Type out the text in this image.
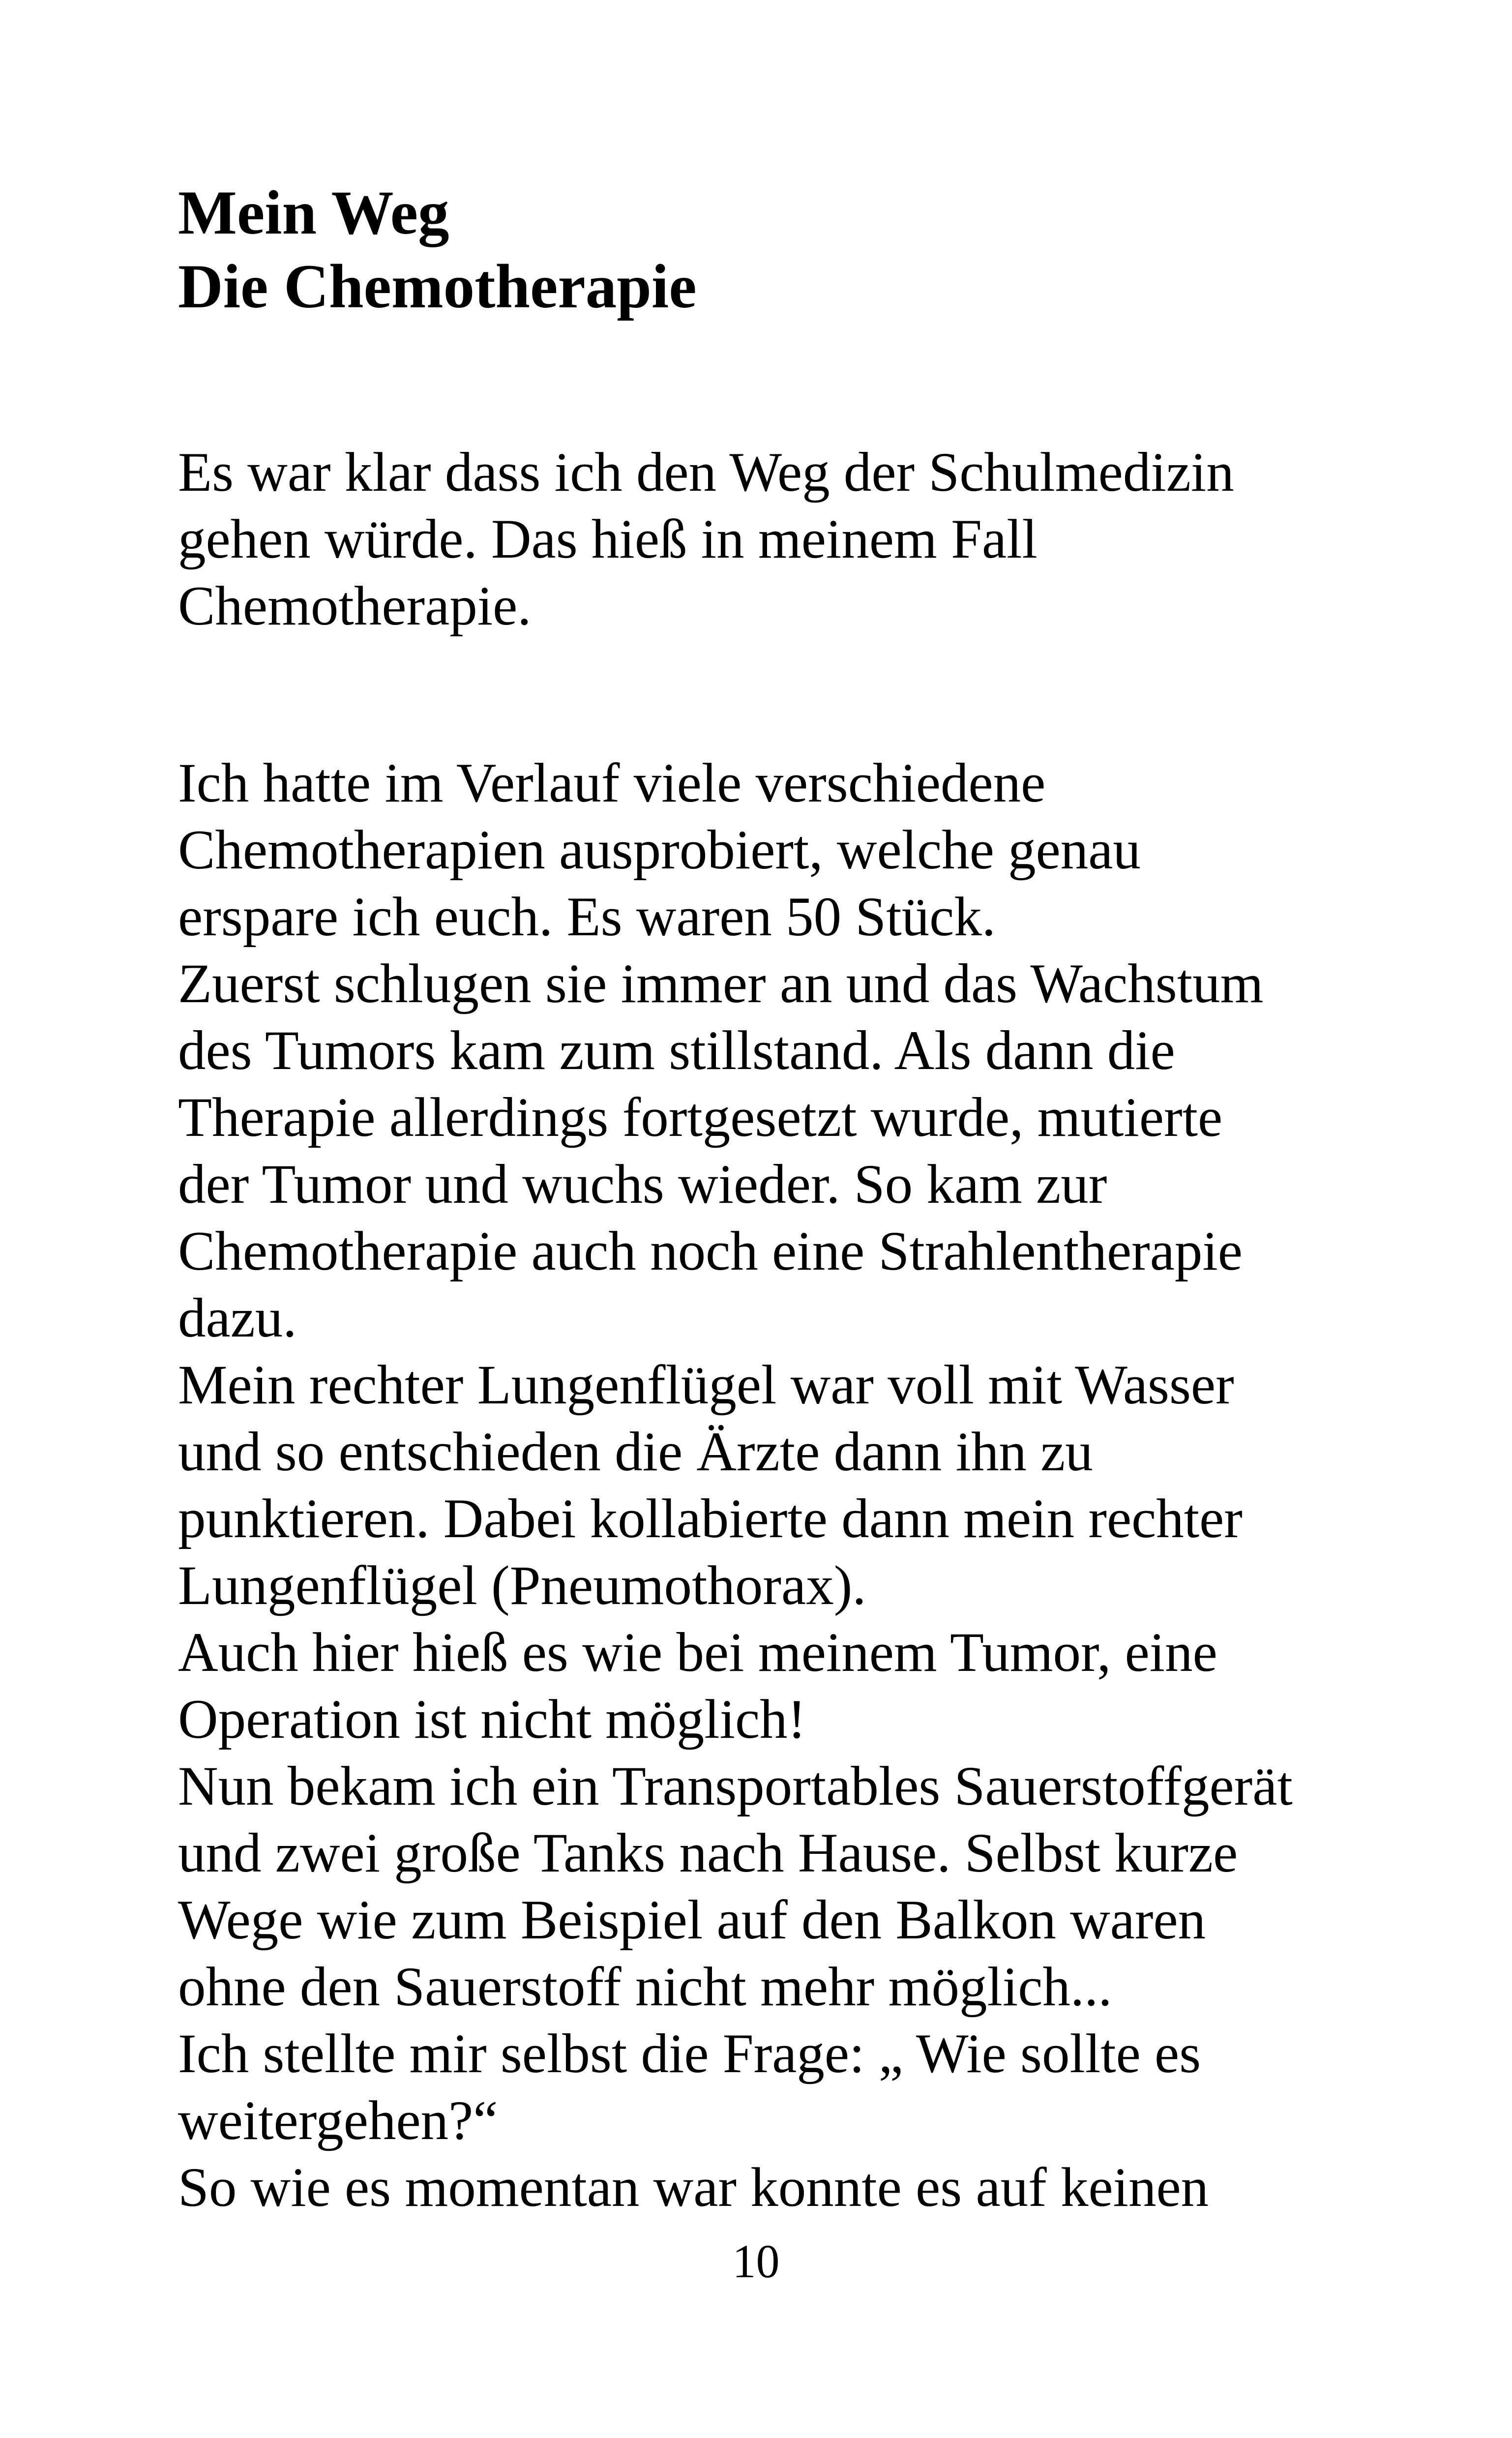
Mein Weg
Die Chemotherapie

Es war klar dass ich den Weg der Schulmedizin
gehen würde. Das hieß in meinem Fall
Chemotherapie.

Ich hatte im Verlauf viele verschiedene
Chemotherapien ausprobiert, welche genau
erspare ich euch. Es waren 50 Stück.
Zuerst schlugen sie immer an und das Wachstum
des Tumors kam zum stillstand. Als dann die
Therapie allerdings fortgesetzt wurde, mutierte
der Tumor und wuchs wieder. So kam zur
Chemotherapie auch noch eine Strahlentherapie
dazu.
Mein rechter Lungenflügel war voll mit Wasser
und so entschieden die Ärzte dann ihn zu
punktieren. Dabei kollabierte dann mein rechter
Lungenflügel (Pneumothorax).
Auch hier hieß es wie bei meinem Tumor, eine
Operation ist nicht möglich!
Nun bekam ich ein Transportables Sauerstoffgerät
und zwei große Tanks nach Hause. Selbst kurze
Wege wie zum Beispiel auf den Balkon waren
ohne den Sauerstoff nicht mehr möglich...
Ich stellte mir selbst die Frage: „ Wie sollte es
weitergehen?“
So wie es momentan war konnte es auf keinen

10
